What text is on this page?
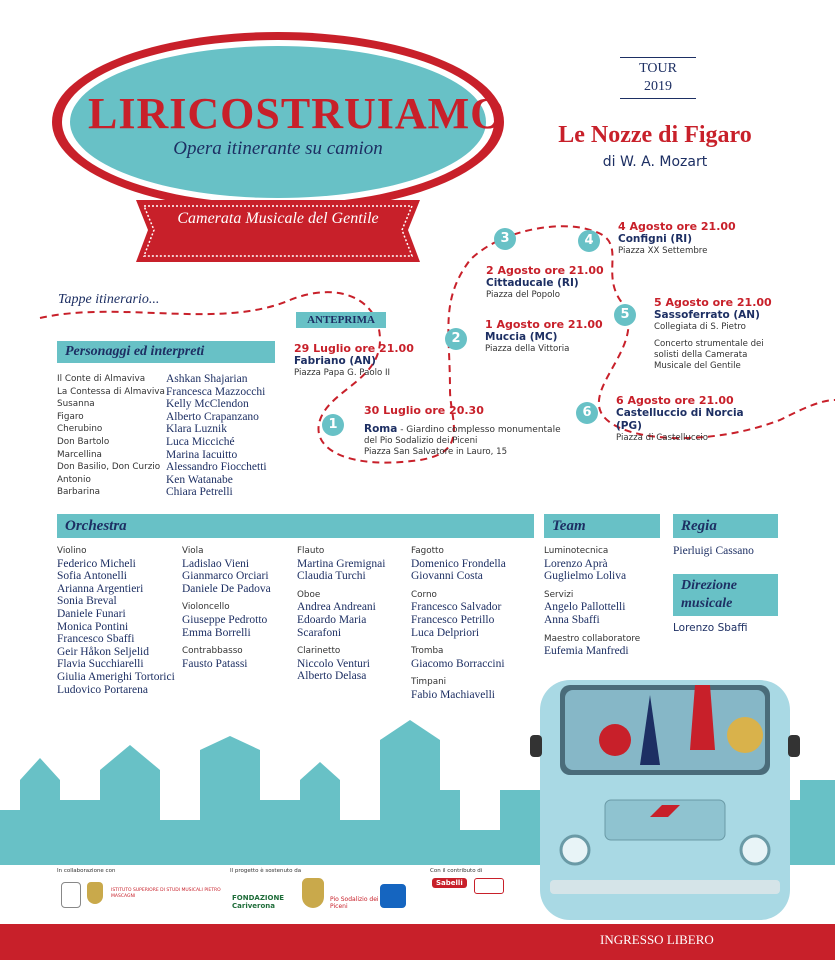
LIRICOSTRUIAMO
Opera itinerante su camion
Camerata Musicale del Gentile
TOUR
2019
Le Nozze di Figaro
di W. A. Mozart
Tappe itinerario...
ANTEPRIMA
29 Luglio ore 21.00
Fabriano (AN)
Piazza Papa G. Paolo II
1
30 Luglio ore 20.30
Roma - Giardino complesso monumentale
del Pio Sodalizio dei Piceni
Piazza San Salvatore in Lauro, 15
2
1 Agosto ore 21.00
Muccia (MC)
Piazza della Vittoria
3
2 Agosto ore 21.00
Cittaducale (RI)
Piazza del Popolo
4
4 Agosto ore 21.00
Configni (RI)
Piazza XX Settembre
5
5 Agosto ore 21.00
Sassoferrato (AN)
Collegiata di S. Pietro
Concerto strumentale dei solisti della Camerata Musicale del Gentile
6
6 Agosto ore 21.00
Castelluccio di Norcia (PG)
Piazza di Castelluccio
Personaggi ed interpreti
Il Conte di Almaviva
La Contessa di Almaviva
Susanna
Figaro
Cherubino
Don Bartolo
Marcellina
Don Basilio, Don Curzio
Antonio
Barbarina
Ashkan Shajarian
Francesca Mazzocchi
Kelly McClendon
Alberto Crapanzano
Klara Luznik
Luca Micciché
Marina Iacuitto
Alessandro Fiocchetti
Ken Watanabe
Chiara Petrelli
Orchestra
Violino
Federico Micheli
Sofia Antonelli
Arianna Argentieri
Sonia Breval
Daniele Funari
Monica Pontini
Francesco Sbaffi
Geir Håkon Seljelid
Flavia Succhiarelli
Giulia Amerighi Tortorici
Ludovico Portarena
Viola
Ladislao Vieni
Gianmarco Orciari
Daniele De Padova
Violoncello
Giuseppe Pedrotto
Emma Borrelli
Contrabbasso
Fausto Patassi
Flauto
Martina Gremignai
Claudia Turchi
Oboe
Andrea Andreani
Edoardo Maria
Scarafoni
Clarinetto
Niccolo Venturi
Alberto Delasa
Fagotto
Domenico Frondella
Giovanni Costa
Corno
Francesco Salvador
Francesco Petrillo
Luca Delpriori
Tromba
Giacomo Borraccini
Timpani
Fabio Machiavelli
Team
Luminotecnica
Lorenzo Aprà
Guglielmo Loliva
Servizi
Angelo Pallottelli
Anna Sbaffi
Maestro collaboratore
Eufemia Manfredi
Regia
Pierluigi Cassano
Direzione musicale
Lorenzo Sbaffi
In collaborazione con
ISTITUTO SUPERIORE DI STUDI MUSICALI PIETRO MASCAGNI
Il progetto è sostenuto da
FONDAZIONE Cariverona
Pio Sodalizio dei Piceni
Con il contributo di
Sabelli
INGRESSO LIBERO
